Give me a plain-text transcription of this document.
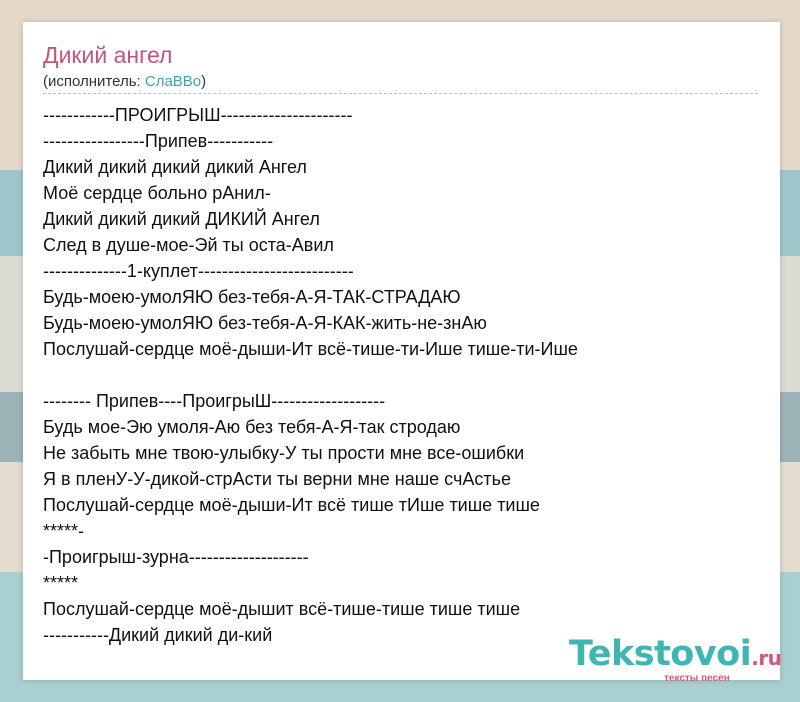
Дикий ангел
(исполнитель: СлаВВо)
------------ПРОИГРЫШ----------------------
-----------------Припев-----------
Дикий дикий дикий дикий Ангел
Моё сердце больно рАнил-
Дикий дикий дикий ДИКИЙ Ангел
След в душе-мое-Эй ты оста-Авил
--------------1-куплет--------------------------
Будь-моею-умолЯЮ без-тебя-А-Я-ТАК-СТРАДАЮ
Будь-моею-умолЯЮ без-тебя-А-Я-КАК-жить-не-знАю
Послушай-сердце моё-дыши-Ит всё-тише-ти-Ише тише-ти-Ише
-------- Припев----ПроигрыШ-------------------
Будь мое-Эю умоля-Аю без тебя-А-Я-так стродаю
Не забыть мне твою-улыбку-У ты прости мне все-ошибки
Я в пленУ-У-дикой-стрАсти ты верни мне наше счАстье
Послушай-сердце моё-дыши-Ит всё тише тИше тише тише
*****-
-Проигрыш-зурна--------------------
*****
Послушай-сердце моё-дышит всё-тише-тише тише тише
-----------Дикий дикий ди-кий	Tekstovoi.ru
тексты песен
